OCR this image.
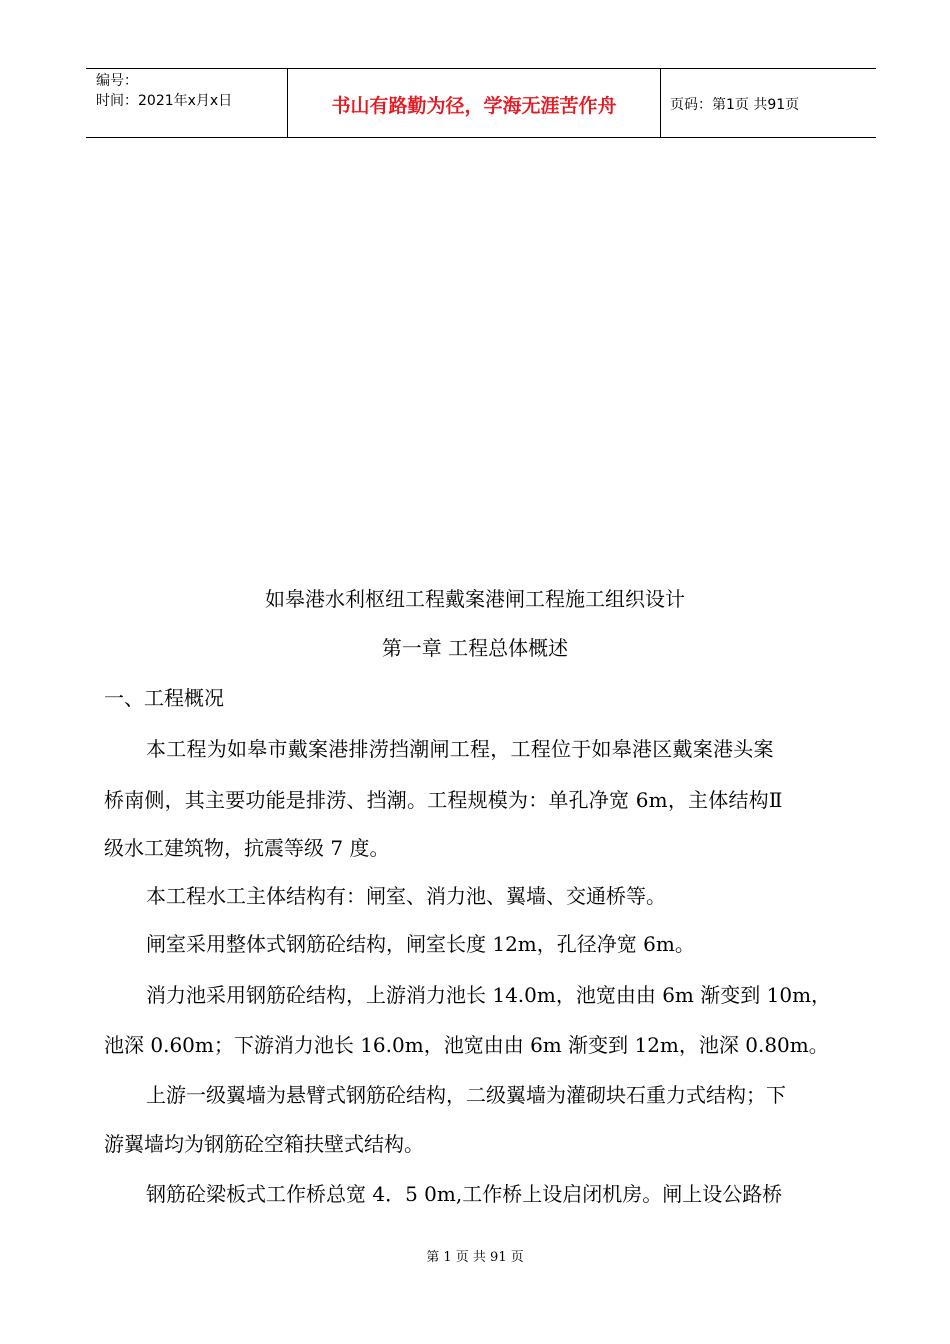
编号：
时间：2021年x月x日	书山有路勤为径，学海无涯苦作舟	页码：第1页 共91页
如皋港水利枢纽工程戴案港闸工程施工组织设计
第一章 工程总体概述
一、工程概况
本工程为如皋市戴案港排涝挡潮闸工程，工程位于如皋港区戴案港头案
桥南侧，其主要功能是排涝、挡潮。工程规模为：单孔净宽 6m，主体结构Ⅱ
级水工建筑物，抗震等级 7 度。
本工程水工主体结构有：闸室、消力池、翼墙、交通桥等。
闸室采用整体式钢筋砼结构，闸室长度 12m，孔径净宽 6m。
消力池采用钢筋砼结构，上游消力池长 14.0m，池宽由由 6m 渐变到 10m，
池深 0.60m；下游消力池长 16.0m，池宽由由 6m 渐变到 12m，池深 0.80m。
上游一级翼墙为悬臂式钢筋砼结构，二级翼墙为灌砌块石重力式结构；下
游翼墙均为钢筋砼空箱扶壁式结构。
钢筋砼梁板式工作桥总宽 4．5 0m,工作桥上设启闭机房。闸上设公路桥
第 1 页 共 91 页
